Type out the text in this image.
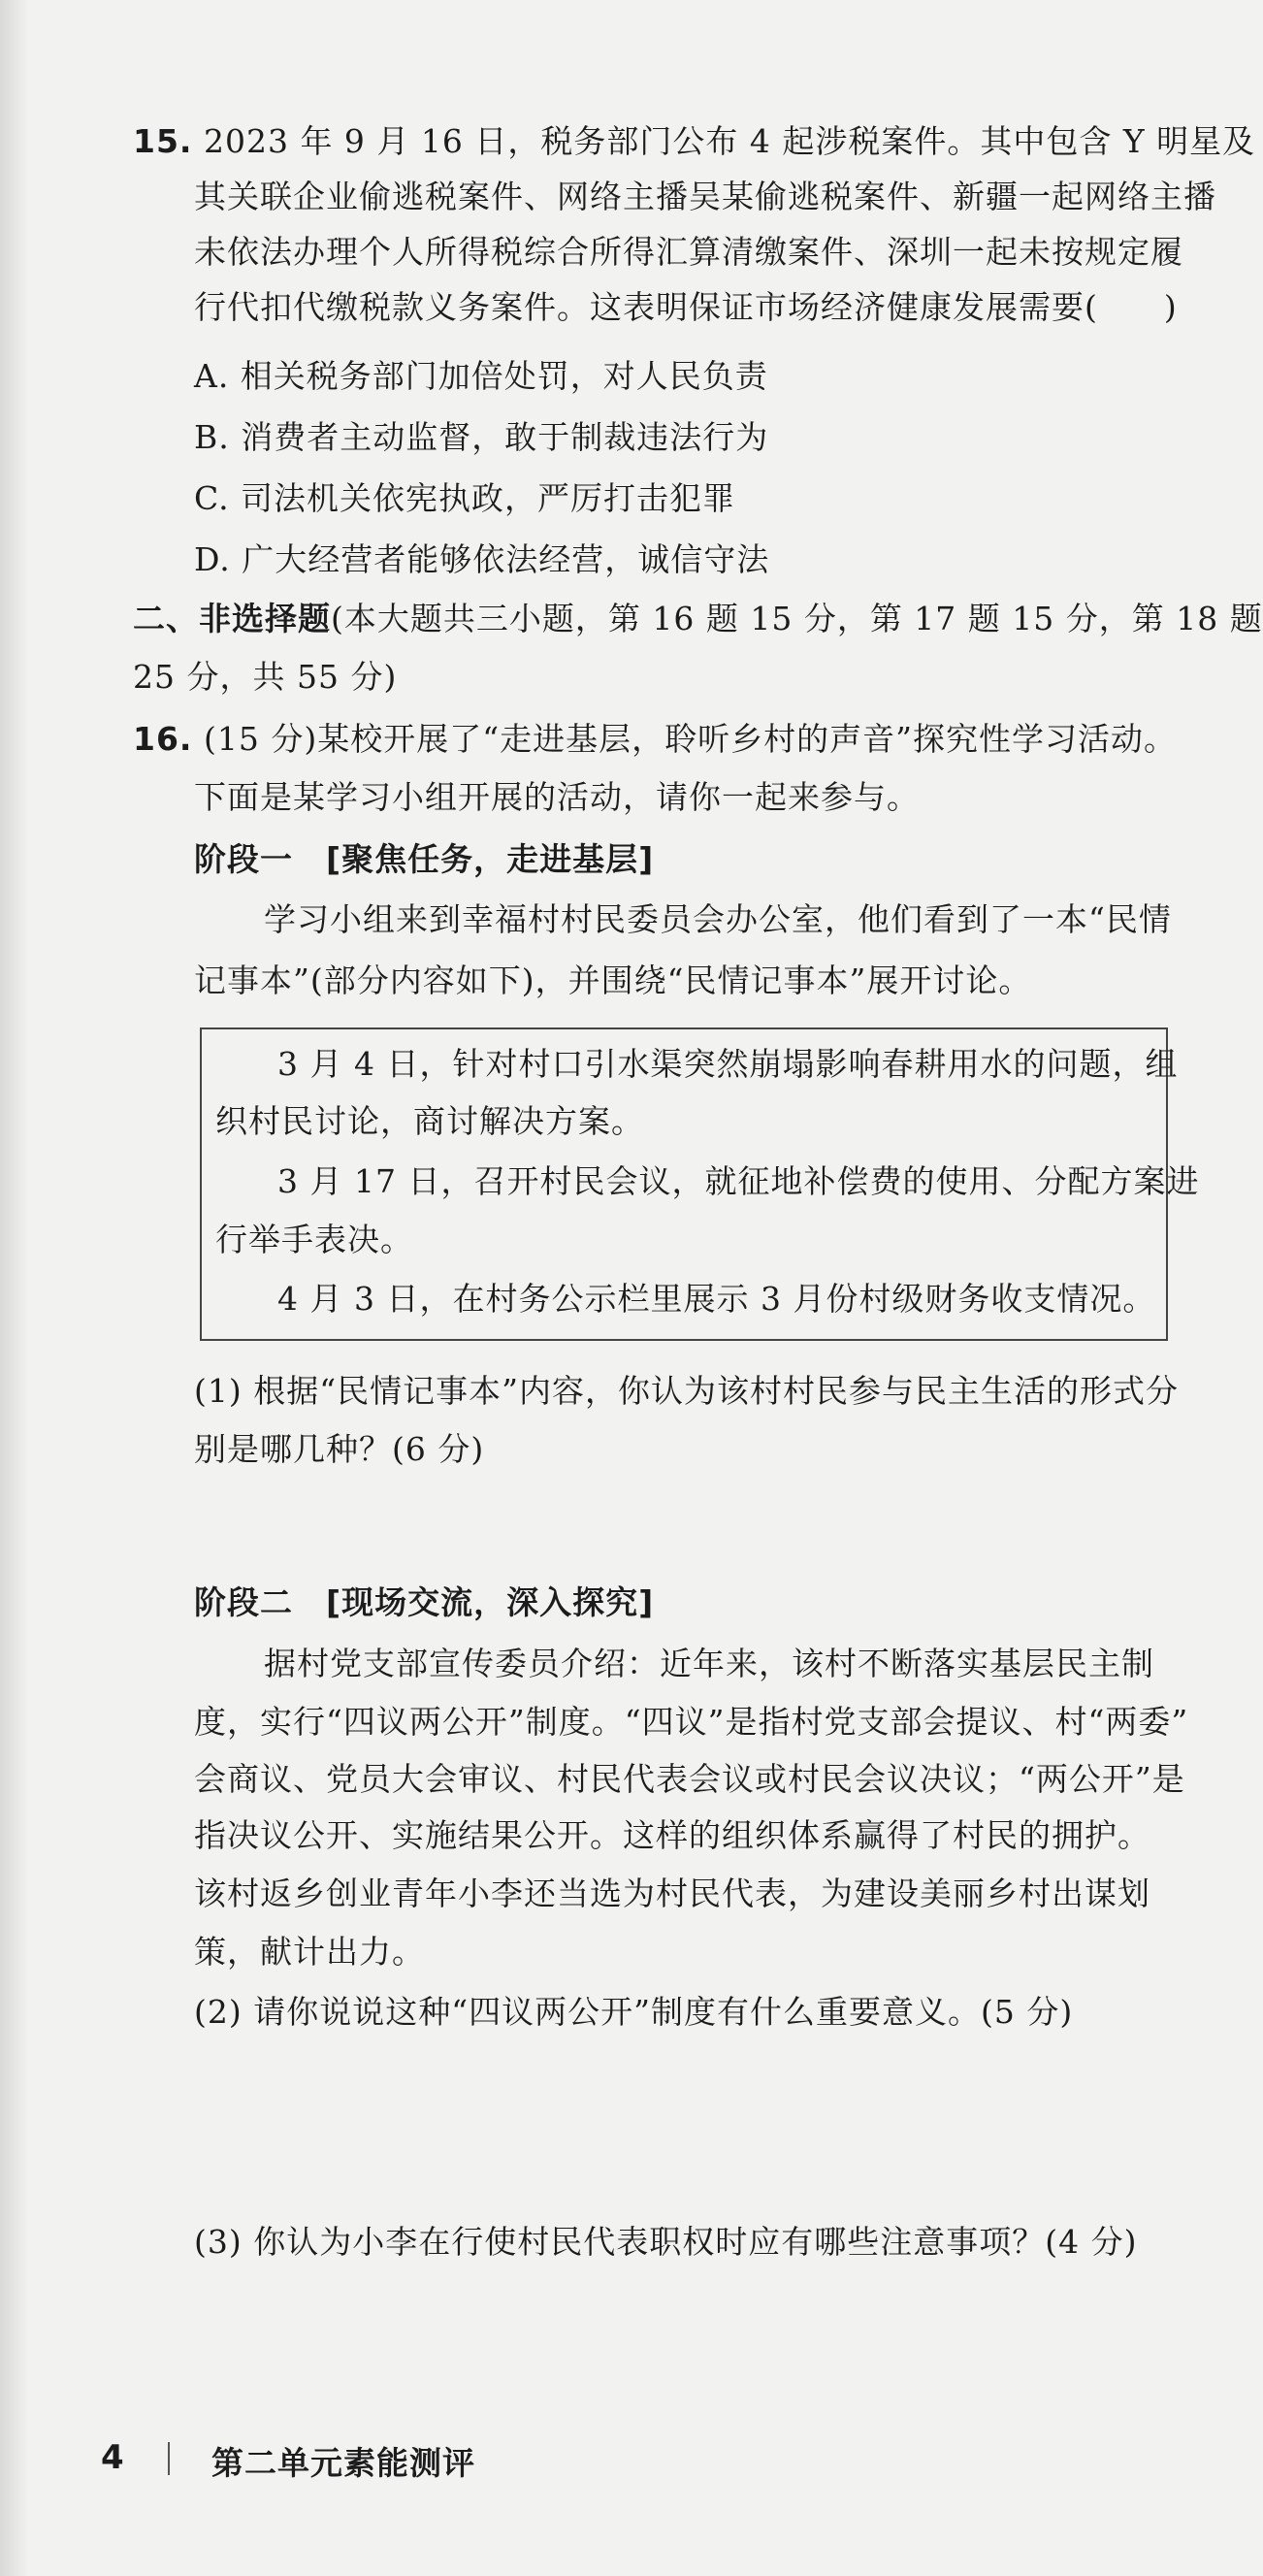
15. 2023 年 9 月 16 日，税务部门公布 4 起涉税案件。其中包含 Y 明星及
其关联企业偷逃税案件、网络主播吴某偷逃税案件、新疆一起网络主播
未依法办理个人所得税综合所得汇算清缴案件、深圳一起未按规定履
行代扣代缴税款义务案件。这表明保证市场经济健康发展需要(　　)
A. 相关税务部门加倍处罚，对人民负责
B. 消费者主动监督，敢于制裁违法行为
C. 司法机关依宪执政，严厉打击犯罪
D. 广大经营者能够依法经营，诚信守法
二、非选择题(本大题共三小题，第 16 题 15 分，第 17 题 15 分，第 18 题
25 分，共 55 分)
16. (15 分)某校开展了“走进基层，聆听乡村的声音”探究性学习活动。
下面是某学习小组开展的活动，请你一起来参与。
阶段一　[聚焦任务，走进基层]
学习小组来到幸福村村民委员会办公室，他们看到了一本“民情
记事本”(部分内容如下)，并围绕“民情记事本”展开讨论。
3 月 4 日，针对村口引水渠突然崩塌影响春耕用水的问题，组
织村民讨论，商讨解决方案。
3 月 17 日，召开村民会议，就征地补偿费的使用、分配方案进
行举手表决。
4 月 3 日，在村务公示栏里展示 3 月份村级财务收支情况。
(1) 根据“民情记事本”内容，你认为该村村民参与民主生活的形式分
别是哪几种？(6 分)
阶段二　[现场交流，深入探究]
据村党支部宣传委员介绍：近年来，该村不断落实基层民主制
度，实行“四议两公开”制度。“四议”是指村党支部会提议、村“两委”
会商议、党员大会审议、村民代表会议或村民会议决议；“两公开”是
指决议公开、实施结果公开。这样的组织体系赢得了村民的拥护。
该村返乡创业青年小李还当选为村民代表，为建设美丽乡村出谋划
策，献计出力。
(2) 请你说说这种“四议两公开”制度有什么重要意义。(5 分)
(3) 你认为小李在行使村民代表职权时应有哪些注意事项？(4 分)
4	第二单元素能测评
